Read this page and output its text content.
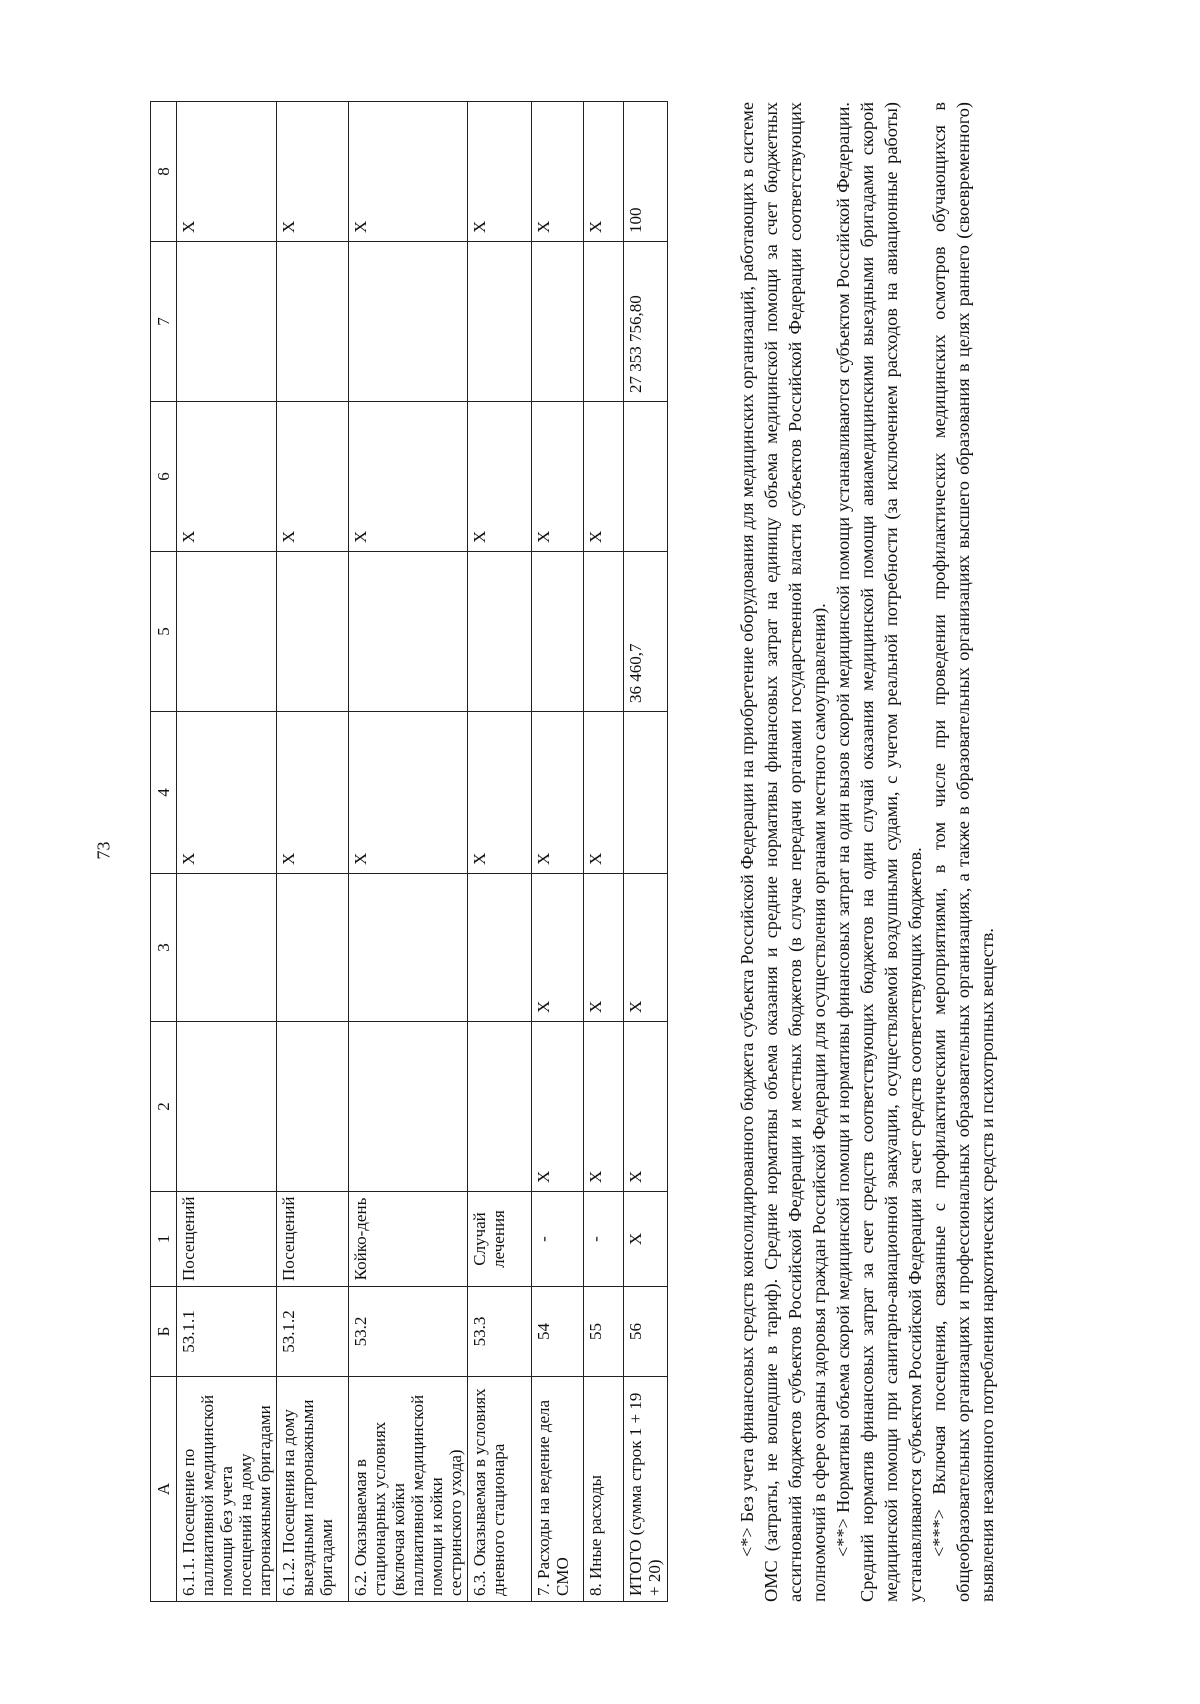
73
А	Б	1	2	3	4	5	6	7	8
6.1.1. Посещение по паллиативной медицинской помощи без учета посещений на дому патронажными бригадами	53.1.1	Посещений			X		X		X
6.1.2. Посещения на дому выездными патронажными бригадами	53.1.2	Посещений			X		X		X
6.2. Оказываемая в стационарных условиях (включая койки паллиативной медицинской помощи и койки сестринского ухода)	53.2	Койко-день			X		X		X
6.3. Оказываемая в условиях дневного стационара	53.3	Случай лечения			X		X		X
7. Расходы на ведение дела СМО	54	-	X	X	X		X		X
8. Иные расходы	55	-	X	X	X		X		X
ИТОГО (сумма строк 1 + 19 + 20)	56	X	X	X		36 460,7		27 353 756,80	100	<*> Без учета финансовых средств консолидированного бюджета субъекта Российской Федерации на приобретение оборудования для медицинских организаций, работающих в системе ОМС (затраты, не вошедшие в тариф). Средние нормативы объема оказания и средние нормативы финансовых затрат на единицу объема медицинской помощи за счет бюджетных ассигнований бюджетов субъектов Российской Федерации и местных бюджетов (в случае передачи органами государственной власти субъектов Российской Федерации соответствующих полномочий в сфере охраны здоровья граждан Российской Федерации для осуществления органами местного самоуправления). <**> Нормативы объема скорой медицинской помощи и нормативы финансовых затрат на один вызов скорой медицинской помощи устанавливаются субъектом Российской Федерации. Средний норматив финансовых затрат за счет средств соответствующих бюджетов на один случай оказания медицинской помощи авиамедицинскими выездными бригадами скорой медицинской помощи при санитарно-авиационной эвакуации, осуществляемой воздушными судами, с учетом реальной потребности (за исключением расходов на авиационные работы) устанавливаются субъектом Российской Федерации за счет средств соответствующих бюджетов. <***> Включая посещения, связанные с профилактическими мероприятиями, в том числе при проведении профилактических медицинских осмотров обучающихся в общеобразовательных организациях и профессиональных образовательных организациях, а также в образовательных организациях высшего образования в целях раннего (своевременного) выявления незаконного потребления наркотических средств и психотропных веществ.
